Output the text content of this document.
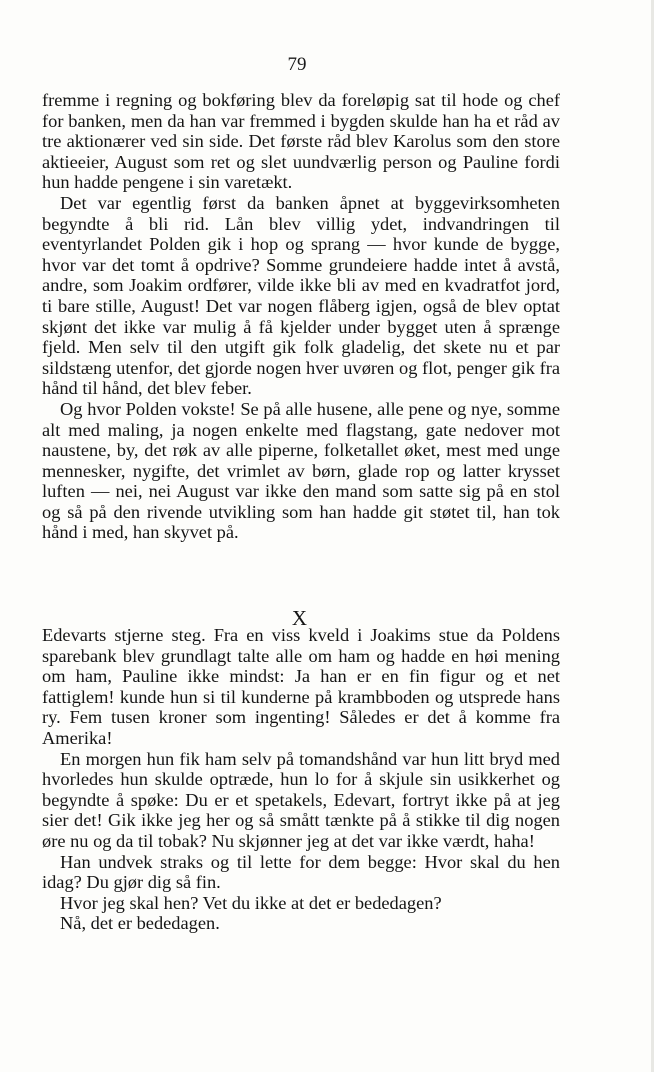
79

fremme i regning og bokføring blev da foreløpig sat til hode og chef for banken, men da han var fremmed i bygden skulde han ha et råd av tre aktionærer ved sin side. Det første råd blev Karolus som den store aktieeier, August som ret og slet uundværlig person og Pauline fordi hun hadde pengene i sin varetækt.

Det var egentlig først da banken åpnet at byggevirksomheten begyndte å bli rid. Lån blev villig ydet, indvandringen til eventyrlandet Polden gik i hop og sprang — hvor kunde de bygge, hvor var det tomt å opdrive? Somme grundeiere hadde intet å avstå, andre, som Joakim ordfører, vilde ikke bli av med en kvadratfot jord, ti bare stille, August! Det var nogen flåberg igjen, også de blev optat skjønt det ikke var mulig å få kjelder under bygget uten å sprænge fjeld. Men selv til den utgift gik folk gladelig, det skete nu et par sildstæng utenfor, det gjorde nogen hver uvøren og flot, penger gik fra hånd til hånd, det blev feber.

Og hvor Polden vokste! Se på alle husene, alle pene og nye, somme alt med maling, ja nogen enkelte med flagstang, gate nedover mot naustene, by, det røk av alle piperne, folketallet øket, mest med unge mennesker, nygifte, det vrimlet av børn, glade rop og latter krysset luften — nei, nei August var ikke den mand som satte sig på en stol og så på den rivende utvikling som han hadde git støtet til, han tok hånd i med, han skyvet på.

X

Edevarts stjerne steg. Fra en viss kveld i Joakims stue da Poldens sparebank blev grundlagt talte alle om ham og hadde en høi mening om ham, Pauline ikke mindst: Ja han er en fin figur og et net fattiglem! kunde hun si til kunderne på krambboden og utsprede hans ry. Fem tusen kroner som ingenting! Således er det å komme fra Amerika!

En morgen hun fik ham selv på tomandshånd var hun litt bryd med hvorledes hun skulde optræde, hun lo for å skjule sin usikkerhet og begyndte å spøke: Du er et spetakels, Edevart, fortryt ikke på at jeg sier det! Gik ikke jeg her og så smått tænkte på å stikke til dig nogen øre nu og da til tobak? Nu skjønner jeg at det var ikke værdt, haha!

Han undvek straks og til lette for dem begge: Hvor skal du hen idag? Du gjør dig så fin.

Hvor jeg skal hen? Vet du ikke at det er bededagen?

Nå, det er bededagen.
